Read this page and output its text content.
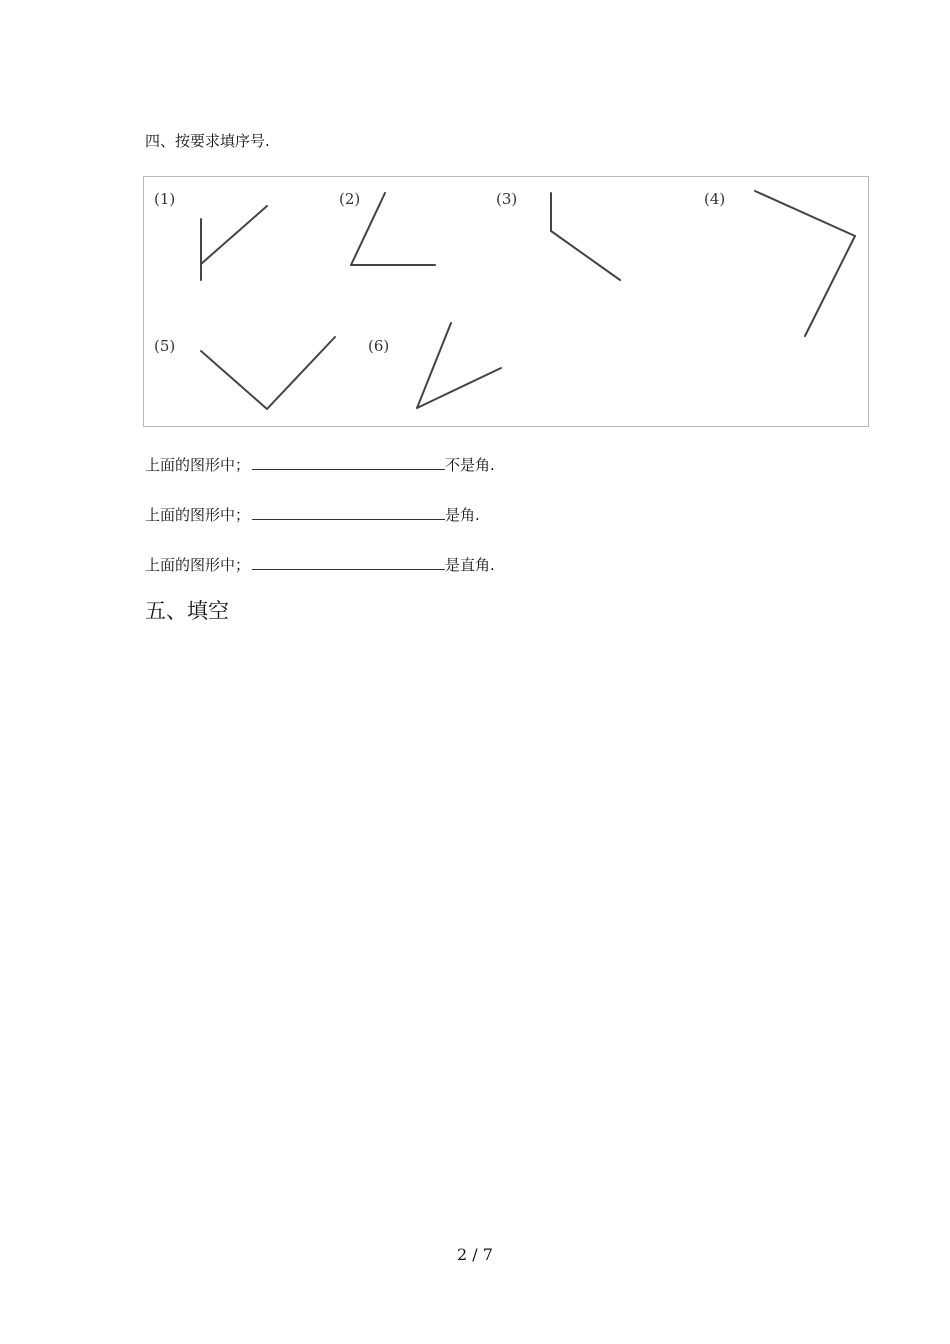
四、按要求填序号.
(1)	(2)	(3)	(4)
(5)	(6)
上面的图形中；	不是角.
上面的图形中；	是角.
上面的图形中；	是直角.
五、填空
2 / 7
